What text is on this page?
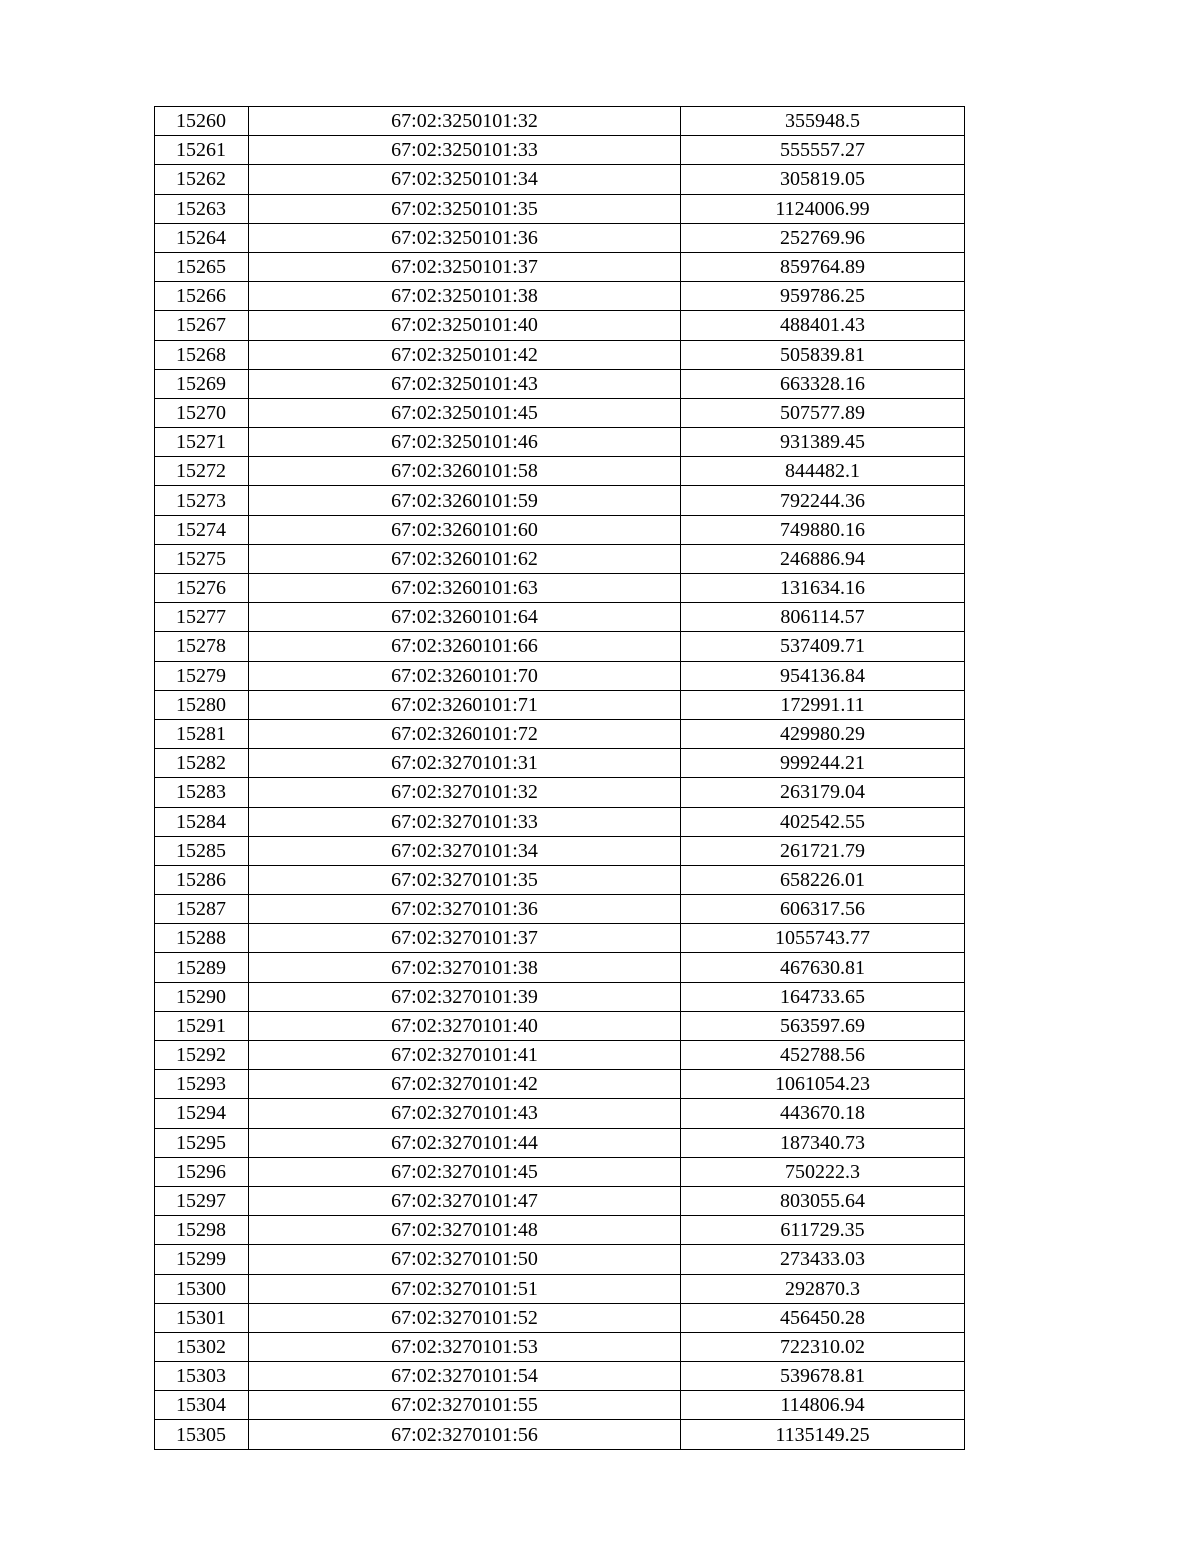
15260	67:02:3250101:32	355948.5
15261	67:02:3250101:33	555557.27
15262	67:02:3250101:34	305819.05
15263	67:02:3250101:35	1124006.99
15264	67:02:3250101:36	252769.96
15265	67:02:3250101:37	859764.89
15266	67:02:3250101:38	959786.25
15267	67:02:3250101:40	488401.43
15268	67:02:3250101:42	505839.81
15269	67:02:3250101:43	663328.16
15270	67:02:3250101:45	507577.89
15271	67:02:3250101:46	931389.45
15272	67:02:3260101:58	844482.1
15273	67:02:3260101:59	792244.36
15274	67:02:3260101:60	749880.16
15275	67:02:3260101:62	246886.94
15276	67:02:3260101:63	131634.16
15277	67:02:3260101:64	806114.57
15278	67:02:3260101:66	537409.71
15279	67:02:3260101:70	954136.84
15280	67:02:3260101:71	172991.11
15281	67:02:3260101:72	429980.29
15282	67:02:3270101:31	999244.21
15283	67:02:3270101:32	263179.04
15284	67:02:3270101:33	402542.55
15285	67:02:3270101:34	261721.79
15286	67:02:3270101:35	658226.01
15287	67:02:3270101:36	606317.56
15288	67:02:3270101:37	1055743.77
15289	67:02:3270101:38	467630.81
15290	67:02:3270101:39	164733.65
15291	67:02:3270101:40	563597.69
15292	67:02:3270101:41	452788.56
15293	67:02:3270101:42	1061054.23
15294	67:02:3270101:43	443670.18
15295	67:02:3270101:44	187340.73
15296	67:02:3270101:45	750222.3
15297	67:02:3270101:47	803055.64
15298	67:02:3270101:48	611729.35
15299	67:02:3270101:50	273433.03
15300	67:02:3270101:51	292870.3
15301	67:02:3270101:52	456450.28
15302	67:02:3270101:53	722310.02
15303	67:02:3270101:54	539678.81
15304	67:02:3270101:55	114806.94
15305	67:02:3270101:56	1135149.25
